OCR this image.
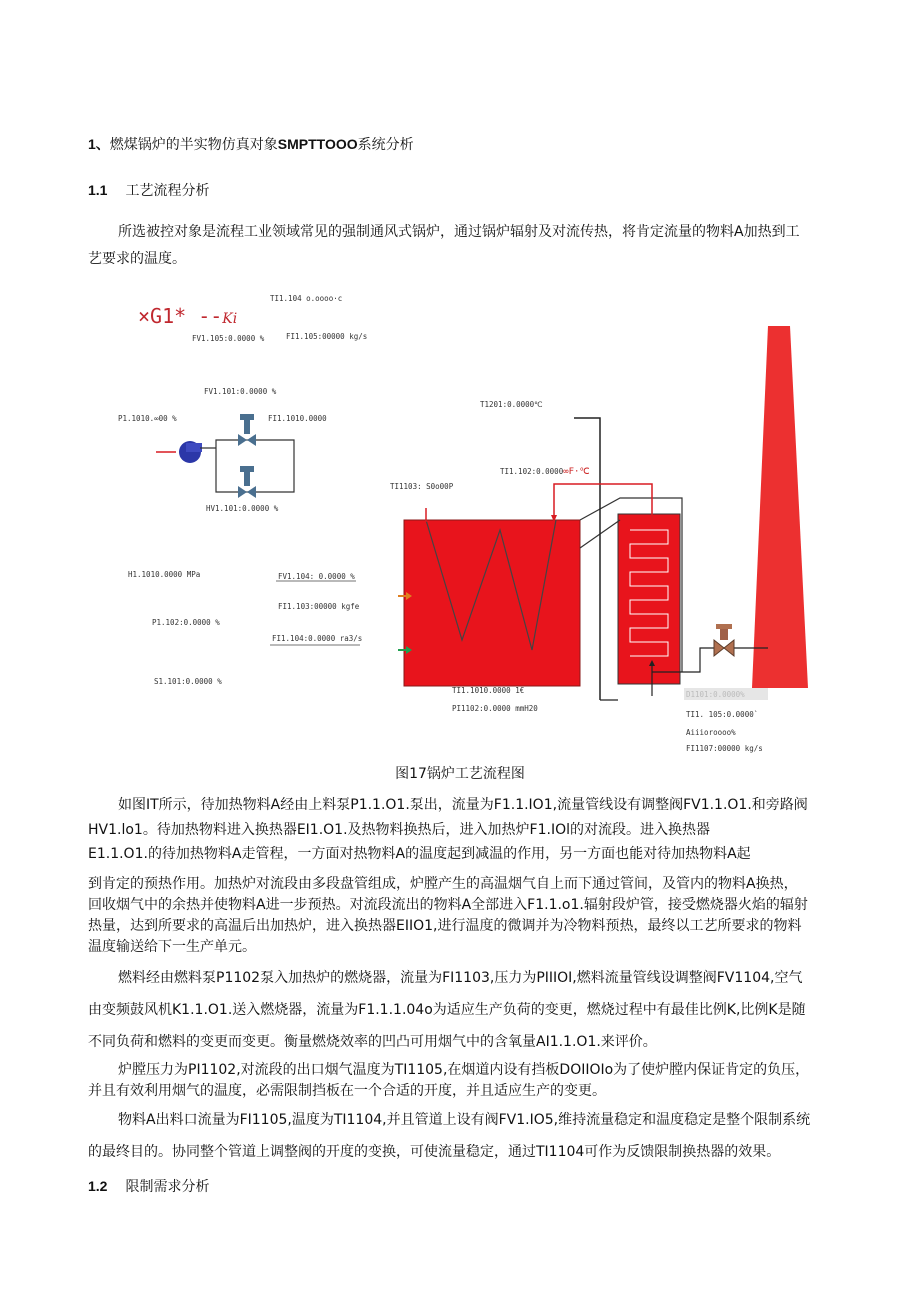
1、燃煤锅炉的半实物仿真对象SMPTTOOO系统分析
1.1 工艺流程分析
所选被控对象是流程工业领域常见的强制通风式锅炉，通过锅炉辐射及对流传热，将肯定流量的物料A加热到工
艺要求的温度。
×G1* --Ki
TI1.104 o.oooo·c
FV1.105:0.0000 %	FI1.105:00000 kg/s
FV1.101:0.0000 %
P1.1010.∞00 %	FI1.1010.0000
T1201:0.0000℃
TI1.102:0.0000∞F·℃
TI1103: S0o00P
HV1.101:0.0000 %
H1.1010.0000 MPa	FV1.104: 0.0000 %
FI1.103:00000 kgfe
P1.102:0.0000 %
FI1.104:0.0000 ra3/s
S1.101:0.0000 %
TI1.1010.0000 1€
PI1102:0.0000 mmH20
D1101:0.0000%
TI1. 105:0.0000`
Aiiioroooo%
FI1107:00000 kg/s
图17锅炉工艺流程图
如图IT所示，待加热物料A经由上料泵P1.1.O1.泵出，流量为F1.1.IO1,流量管线设有调整阀FV1.1.O1.和旁路阀
HV1.lo1。待加热物料进入换热器EI1.O1.及热物料换热后，进入加热炉F1.IOl的对流段。进入换热器
E1.1.O1.的待加热物料A走管程，一方面对热物料A的温度起到减温的作用，另一方面也能对待加热物料A起
到肯定的预热作用。加热炉对流段由多段盘管组成，炉膛产生的高温烟气自上而下通过管间，及管内的物料A换热，
回收烟气中的余热并使物料A进一步预热。对流段流出的物料A全部进入F1.1.o1.辐射段炉管，接受燃烧器火焰的辐射
热量，达到所要求的高温后出加热炉，进入换热器EIIO1,进行温度的微调并为冷物料预热，最终以工艺所要求的物料
温度输送给下一生产单元。
燃料经由燃料泵P1102泵入加热炉的燃烧器，流量为FI1103,压力为PIIIOI,燃料流量管线设调整阀FV1104,空气
由变频鼓风机K1.1.O1.送入燃烧器，流量为F1.1.1.04o为适应生产负荷的变更，燃烧过程中有最佳比例K,比例K是随
不同负荷和燃料的变更而变更。衡量燃烧效率的凹凸可用烟气中的含氧量AI1.1.O1.来评价。
炉膛压力为PI1102,对流段的出口烟气温度为TI1105,在烟道内设有挡板DOIIOIo为了使炉膛内保证肯定的负压，
并且有效利用烟气的温度，必需限制挡板在一个合适的开度，并且适应生产的变更。
物料A出料口流量为FI1105,温度为TI1104,并且管道上设有阀FV1.IO5,维持流量稳定和温度稳定是整个限制系统
的最终目的。协同整个管道上调整阀的开度的变换，可使流量稳定，通过TI1104可作为反馈限制换热器的效果。
1.2 限制需求分析
